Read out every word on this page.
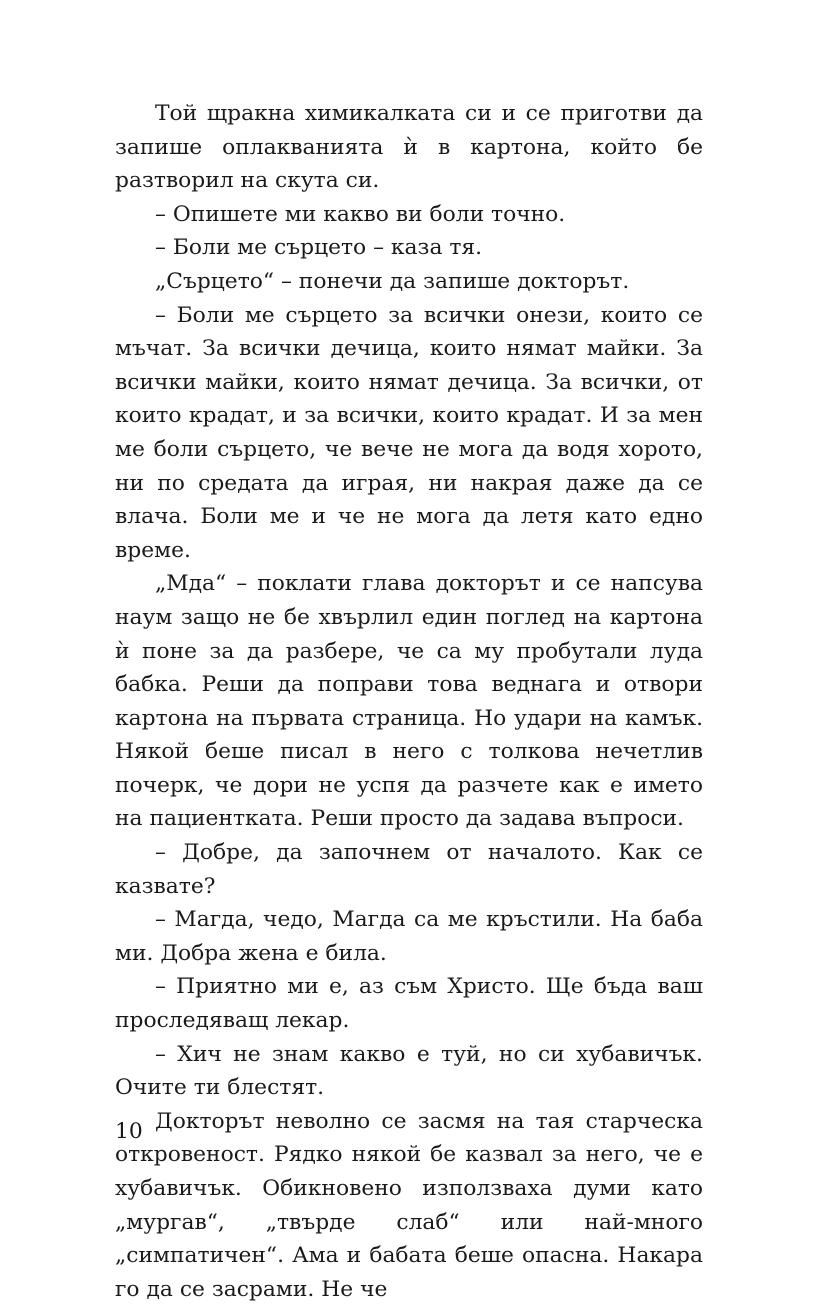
Той щракна химикалката си и се приготви да запише оплакванията ѝ в картона, който бе разтворил на скута си.

– Опишете ми какво ви боли точно.

– Боли ме сърцето – каза тя.

„Сърцето“ – понечи да запише докторът.

– Боли ме сърцето за всички онези, които се мъчат. За всички дечица, които нямат майки. За всички майки, които нямат дечица. За всички, от които крадат, и за всички, които крадат. И за мен ме боли сърцето, че вече не мога да водя хорото, ни по средата да играя, ни накрая даже да се влача. Боли ме и че не мога да летя като едно време.

„Мда“ – поклати глава докторът и се напсува наум защо не бе хвърлил един поглед на картона ѝ поне за да разбере, че са му пробутали луда бабка. Реши да поправи това веднага и отвори картона на първата страница. Но удари на камък. Някой беше писал в него с толкова нечетлив почерк, че дори не успя да разчете как е името на пациентката. Реши просто да задава въпроси.

– Добре, да започнем от началото. Как се казвате?

– Магда, чедо, Магда са ме кръстили. На баба ми. Добра жена е била.

– Приятно ми е, аз съм Христо. Ще бъда ваш проследяващ лекар.

– Хич не знам какво е туй, но си хубавичък. Очите ти блестят.

Докторът неволно се засмя на тая старческа откровеност. Рядко някой бе казвал за него, че е хубавичък. Обикновено използваха думи като „мургав“, „твърде слаб“ или най-много „симпатичен“. Ама и бабата беше опасна. Накара го да се засрами. Не че

10
